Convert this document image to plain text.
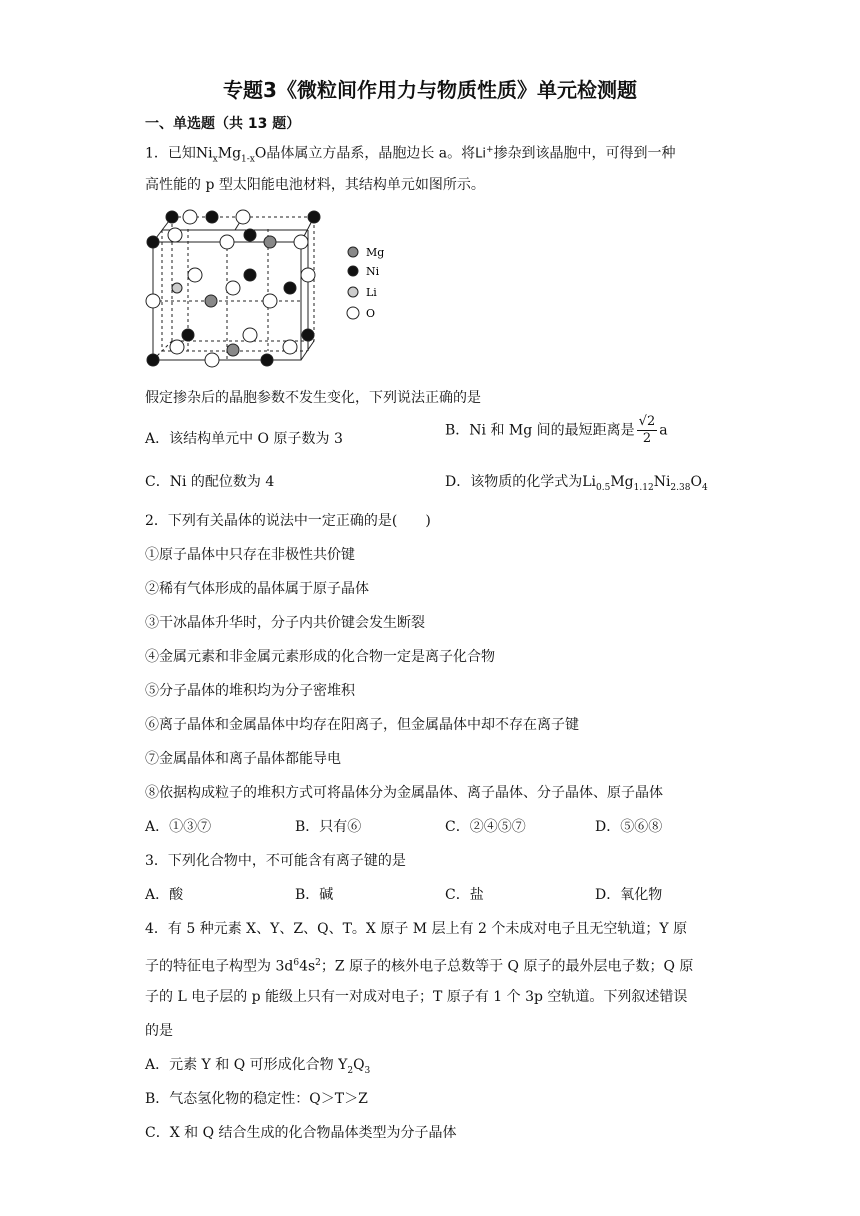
专题3《微粒间作用力与物质性质》单元检测题
一、单选题（共 13 题）
1．已知$Ni_xMg_{1-x}O$晶体属立方晶系，晶胞边长 a。将Li+掺杂到该晶胞中，可得到一种
高性能的 p 型太阳能电池材料，其结构单元如图所示。
Mg
Ni
Li
O
假定掺杂后的晶胞参数不发生变化，下列说法正确的是
A．该结构单元中 O 原子数为 3
B．Ni 和 Mg 间的最短距离是 $\frac{√2}{2}$ a
C．Ni 的配位数为 4	D．该物质的化学式为$Li_{0.5}Mg_{1.12}Ni_{2.38}O_4$
2．下列有关晶体的说法中一定正确的是(　　)
①原子晶体中只存在非极性共价键
②稀有气体形成的晶体属于原子晶体
③干冰晶体升华时，分子内共价键会发生断裂
④金属元素和非金属元素形成的化合物一定是离子化合物
⑤分子晶体的堆积均为分子密堆积
⑥离子晶体和金属晶体中均存在阳离子，但金属晶体中却不存在离子键
⑦金属晶体和离子晶体都能导电
⑧依据构成粒子的堆积方式可将晶体分为金属晶体、离子晶体、分子晶体、原子晶体
A．①③⑦	B．只有⑥	C．②④⑤⑦	D．⑤⑥⑧
3．下列化合物中，不可能含有离子键的是
A．酸	B．碱	C．盐	D．氧化物
4．有 5 种元素 X、Y、Z、Q、T。X 原子 M 层上有 2 个未成对电子且无空轨道；Y 原
子的特征电子构型为 $3d^64s^2$；Z 原子的核外电子总数等于 Q 原子的最外层电子数；Q 原
子的 L 电子层的 p 能级上只有一对成对电子；T 原子有 1 个 3p 空轨道。下列叙述错误
的是
A．元素 Y 和 Q 可形成化合物 $Y_2Q_3$
B．气态氢化物的稳定性：Q＞T＞Z
C．X 和 Q 结合生成的化合物晶体类型为分子晶体
